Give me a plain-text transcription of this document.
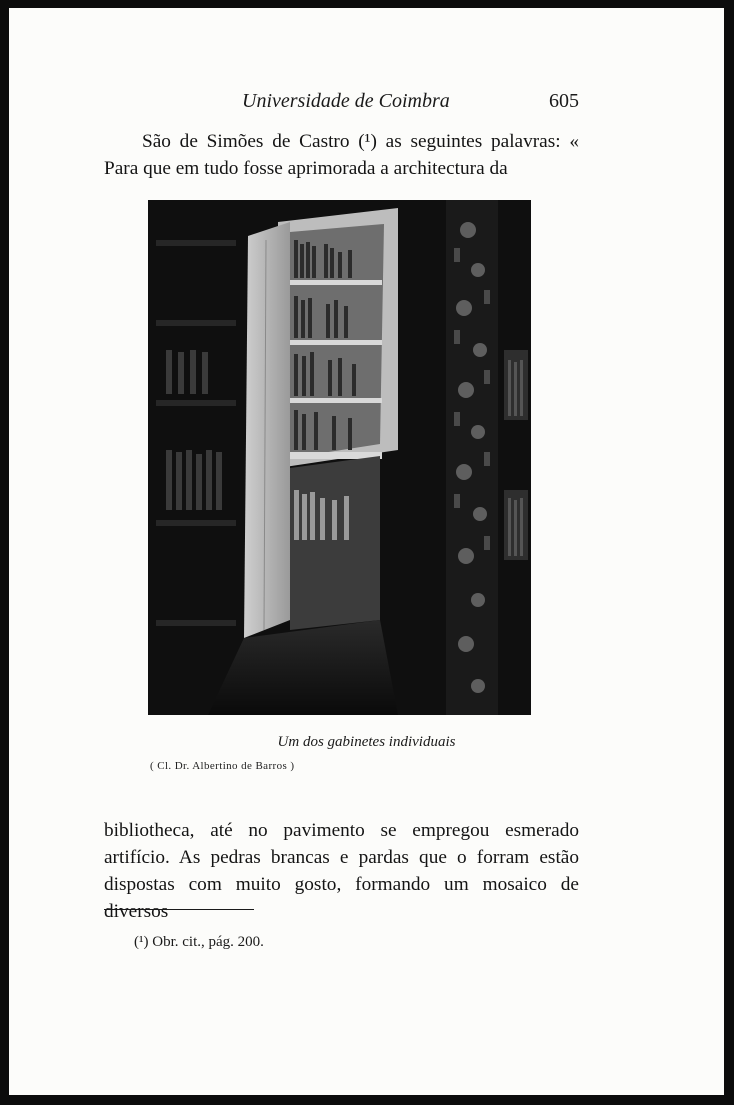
Universidade de Coimbra	605

São de Simões de Castro (¹) as seguintes palavras: « Para que em tudo fosse aprimorada a architectura da

Um dos gabinetes individuais
( Cl. Dr. Albertino de Barros )

bibliotheca, até no pavimento se empregou esmerado artifício. As pedras brancas e pardas que o forram estão dispostas com muito gosto, formando um mosaico de diversos

(¹) Obr. cit., pág. 200.
